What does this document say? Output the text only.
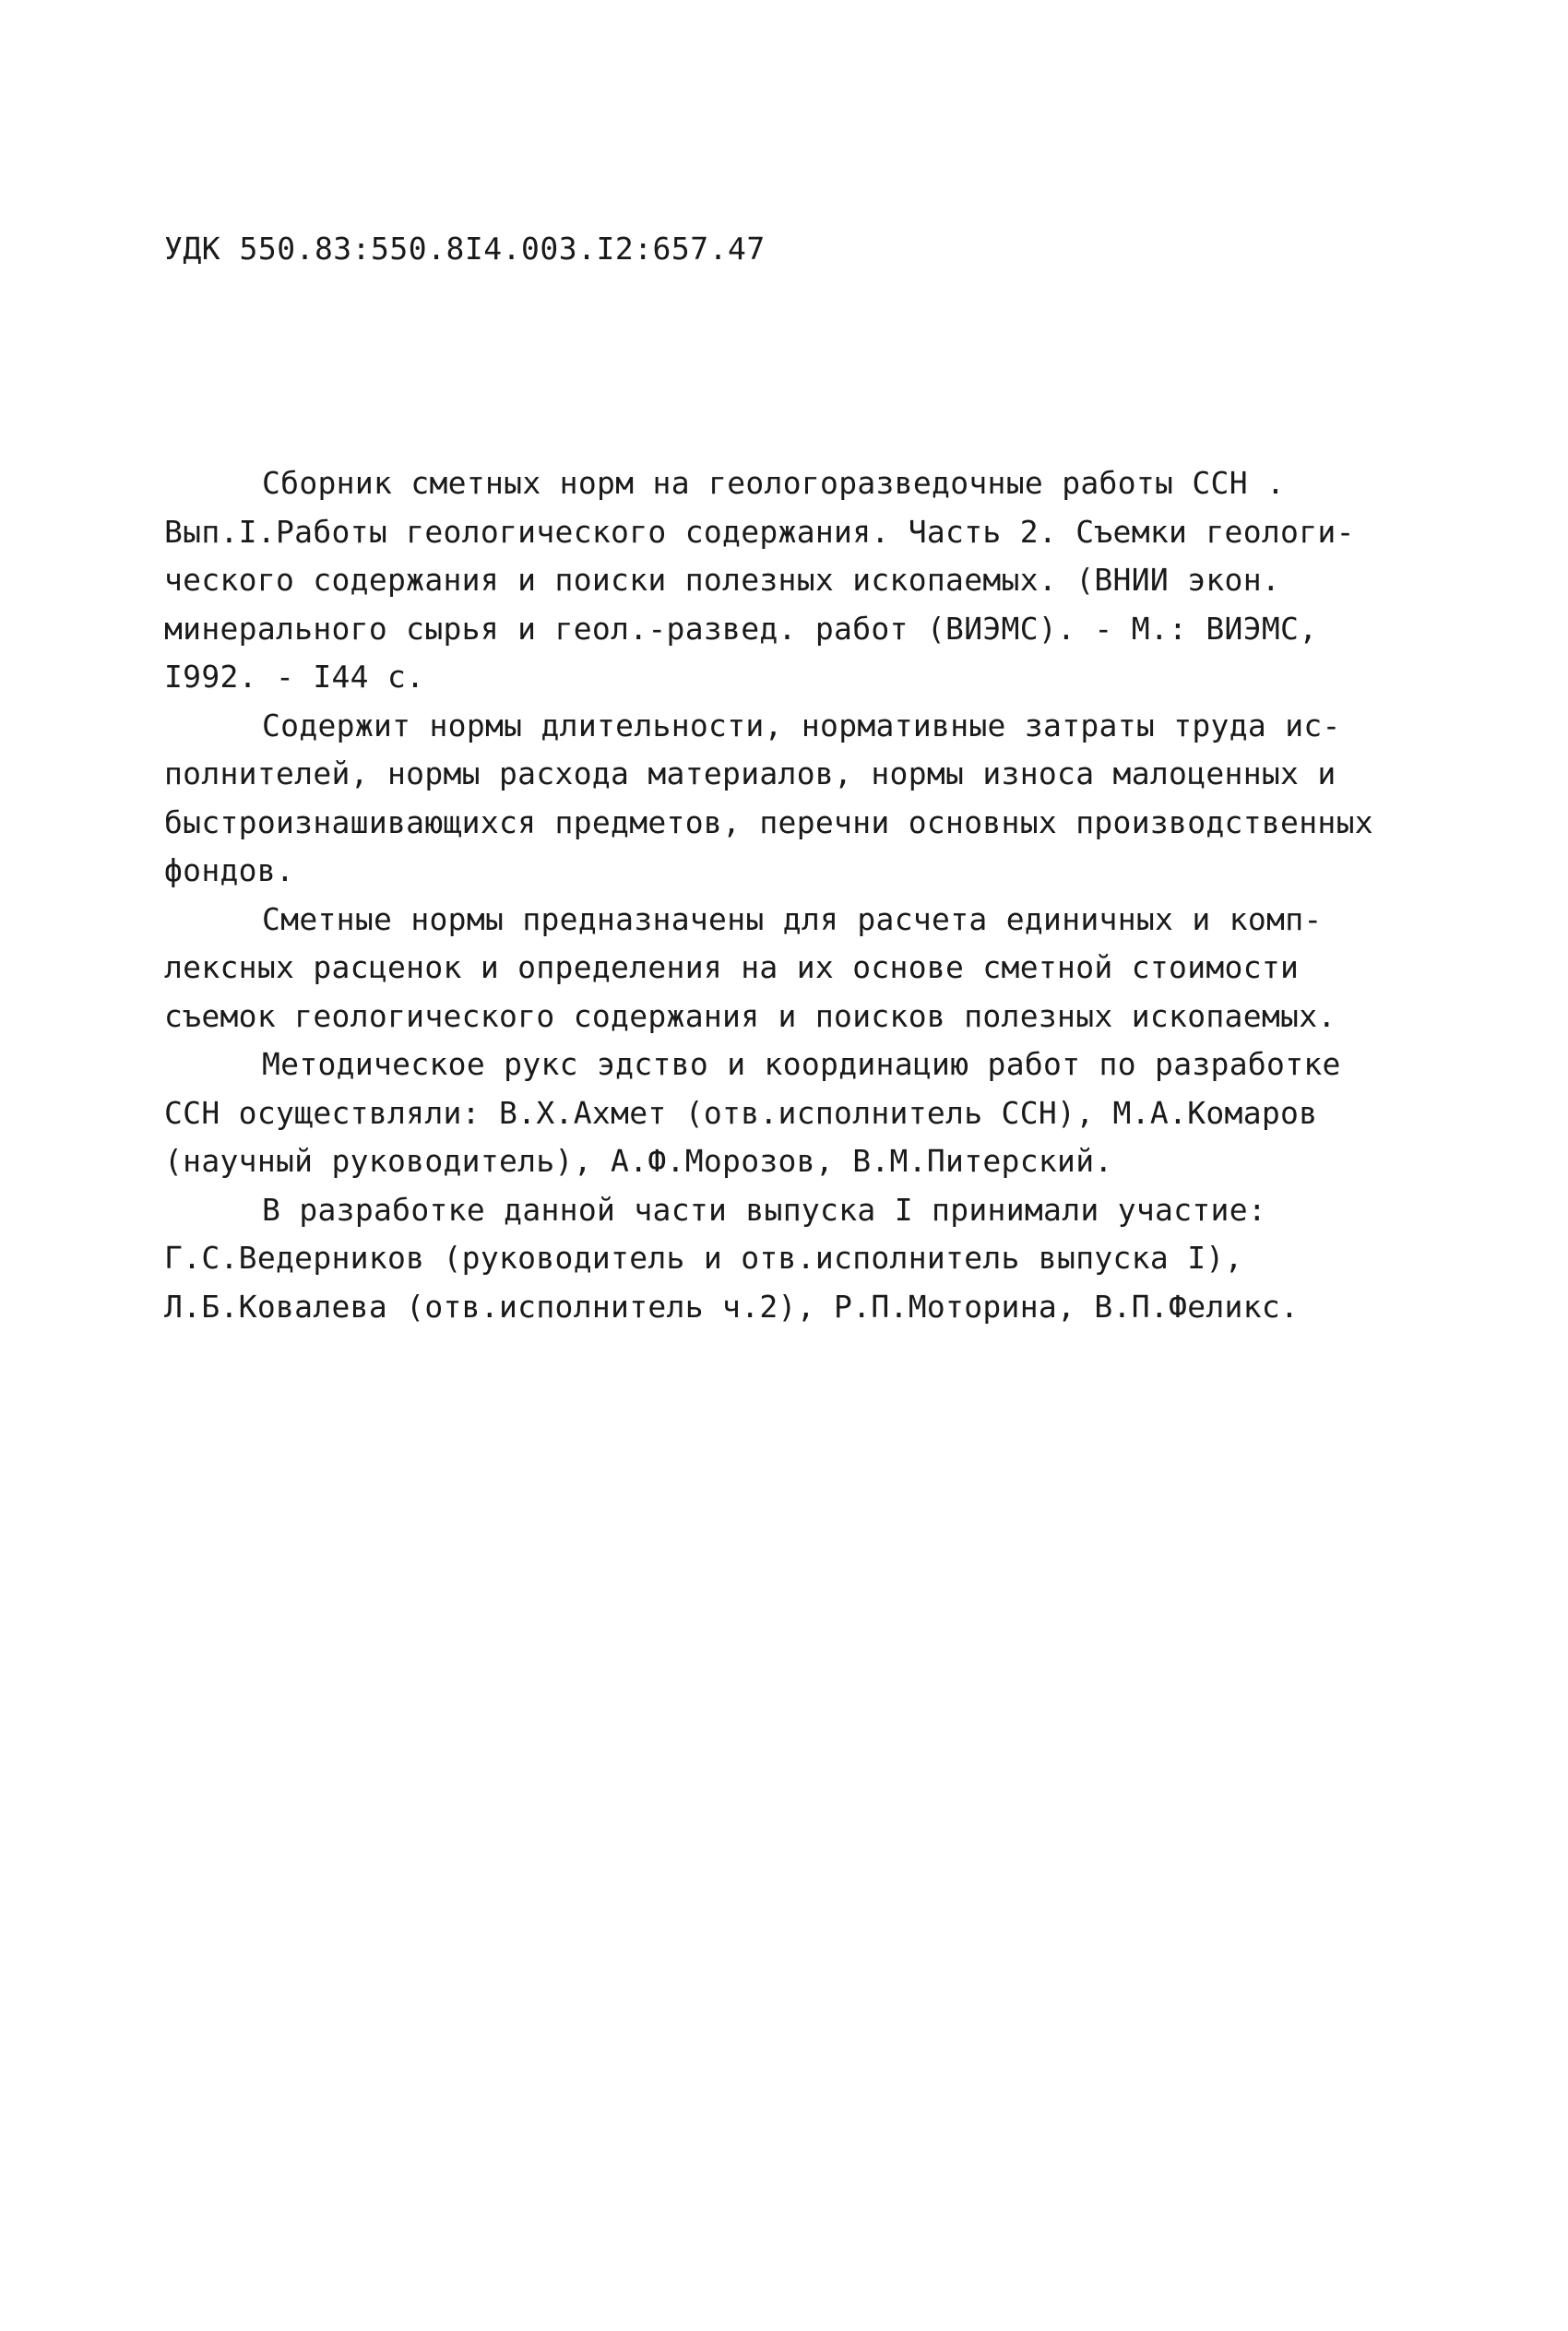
УДК 550.83:550.8I4.003.I2:657.47

Сборник сметных норм на геологоразведочные работы ССН .
Вып.I.Работы геологического содержания. Часть 2. Съемки геологи-
ческого содержания и поиски полезных ископаемых. (ВНИИ экон.
минерального сырья и геол.-развед. работ (ВИЭМС). - М.: ВИЭМС,
I992. - I44 с.

Содержит нормы длительности, нормативные затраты труда ис-
полнителей, нормы расхода материалов, нормы износа малоценных и
быстроизнашивающихся предметов, перечни основных производственных
фондов.

Сметные нормы предназначены для расчета единичных и комп-
лексных расценок и определения на их основе сметной стоимости
съемок геологического содержания и поисков полезных ископаемых.

Методическое рукс эдство и координацию работ по разработке
ССН осуществляли: В.Х.Ахмет (отв.исполнитель ССН), М.А.Комаров
(научный руководитель), А.Ф.Морозов, В.М.Питерский.

В разработке данной части выпуска I принимали участие:
Г.С.Ведерников (руководитель и отв.исполнитель выпуска I),
Л.Б.Ковалева (отв.исполнитель ч.2), Р.П.Моторина, В.П.Феликс.
